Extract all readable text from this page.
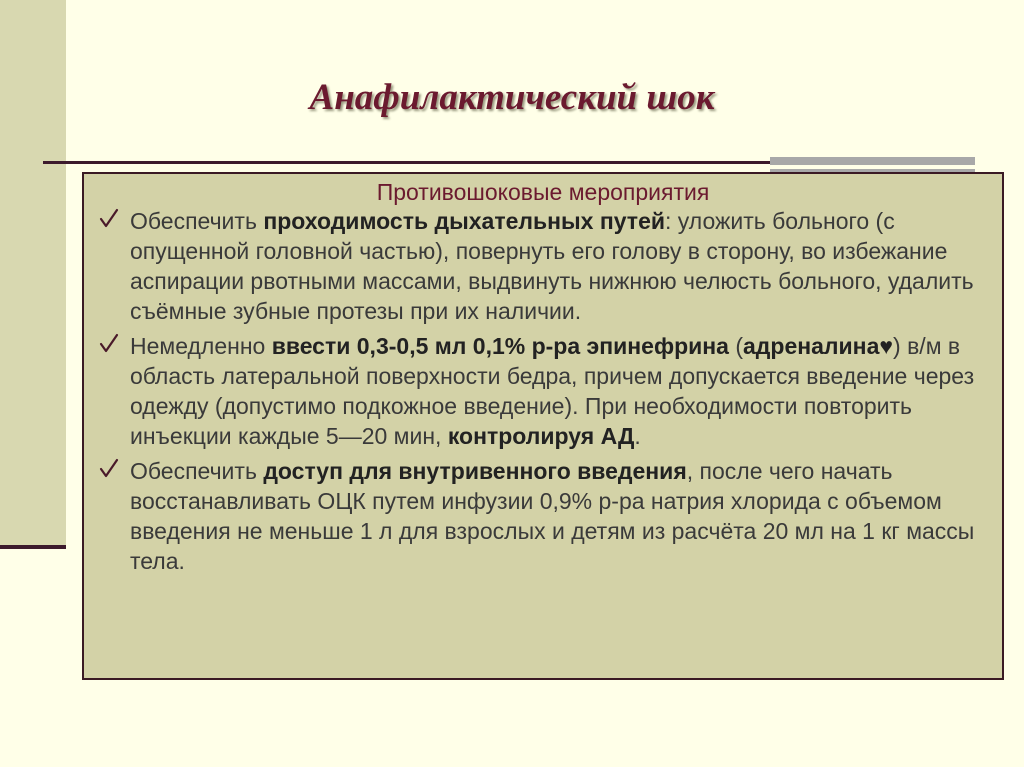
Анафилактический шок
Противошоковые мероприятия
Обеспечить проходимость дыхательных путей: уложить больного (с опущенной головной частью), повернуть его голову в сторону, во избежание аспирации рвотными массами, выдвинуть нижнюю челюсть больного, удалить съёмные зубные протезы при их наличии.
Немедленно ввести 0,3-0,5 мл 0,1% р-ра эпинефрина (адреналина♥) в/м в область латеральной поверхности бедра, причем допускается введение через одежду (допустимо подкожное введение). При необходимости повторить инъекции каждые 5—20 мин, контролируя АД.
Обеспечить доступ для внутривенного введения, после чего начать восстанавливать ОЦК путем инфузии 0,9% р-ра натрия хлорида с объемом введения не меньше 1 л для взрослых и детям из расчёта 20 мл на 1 кг массы тела.
